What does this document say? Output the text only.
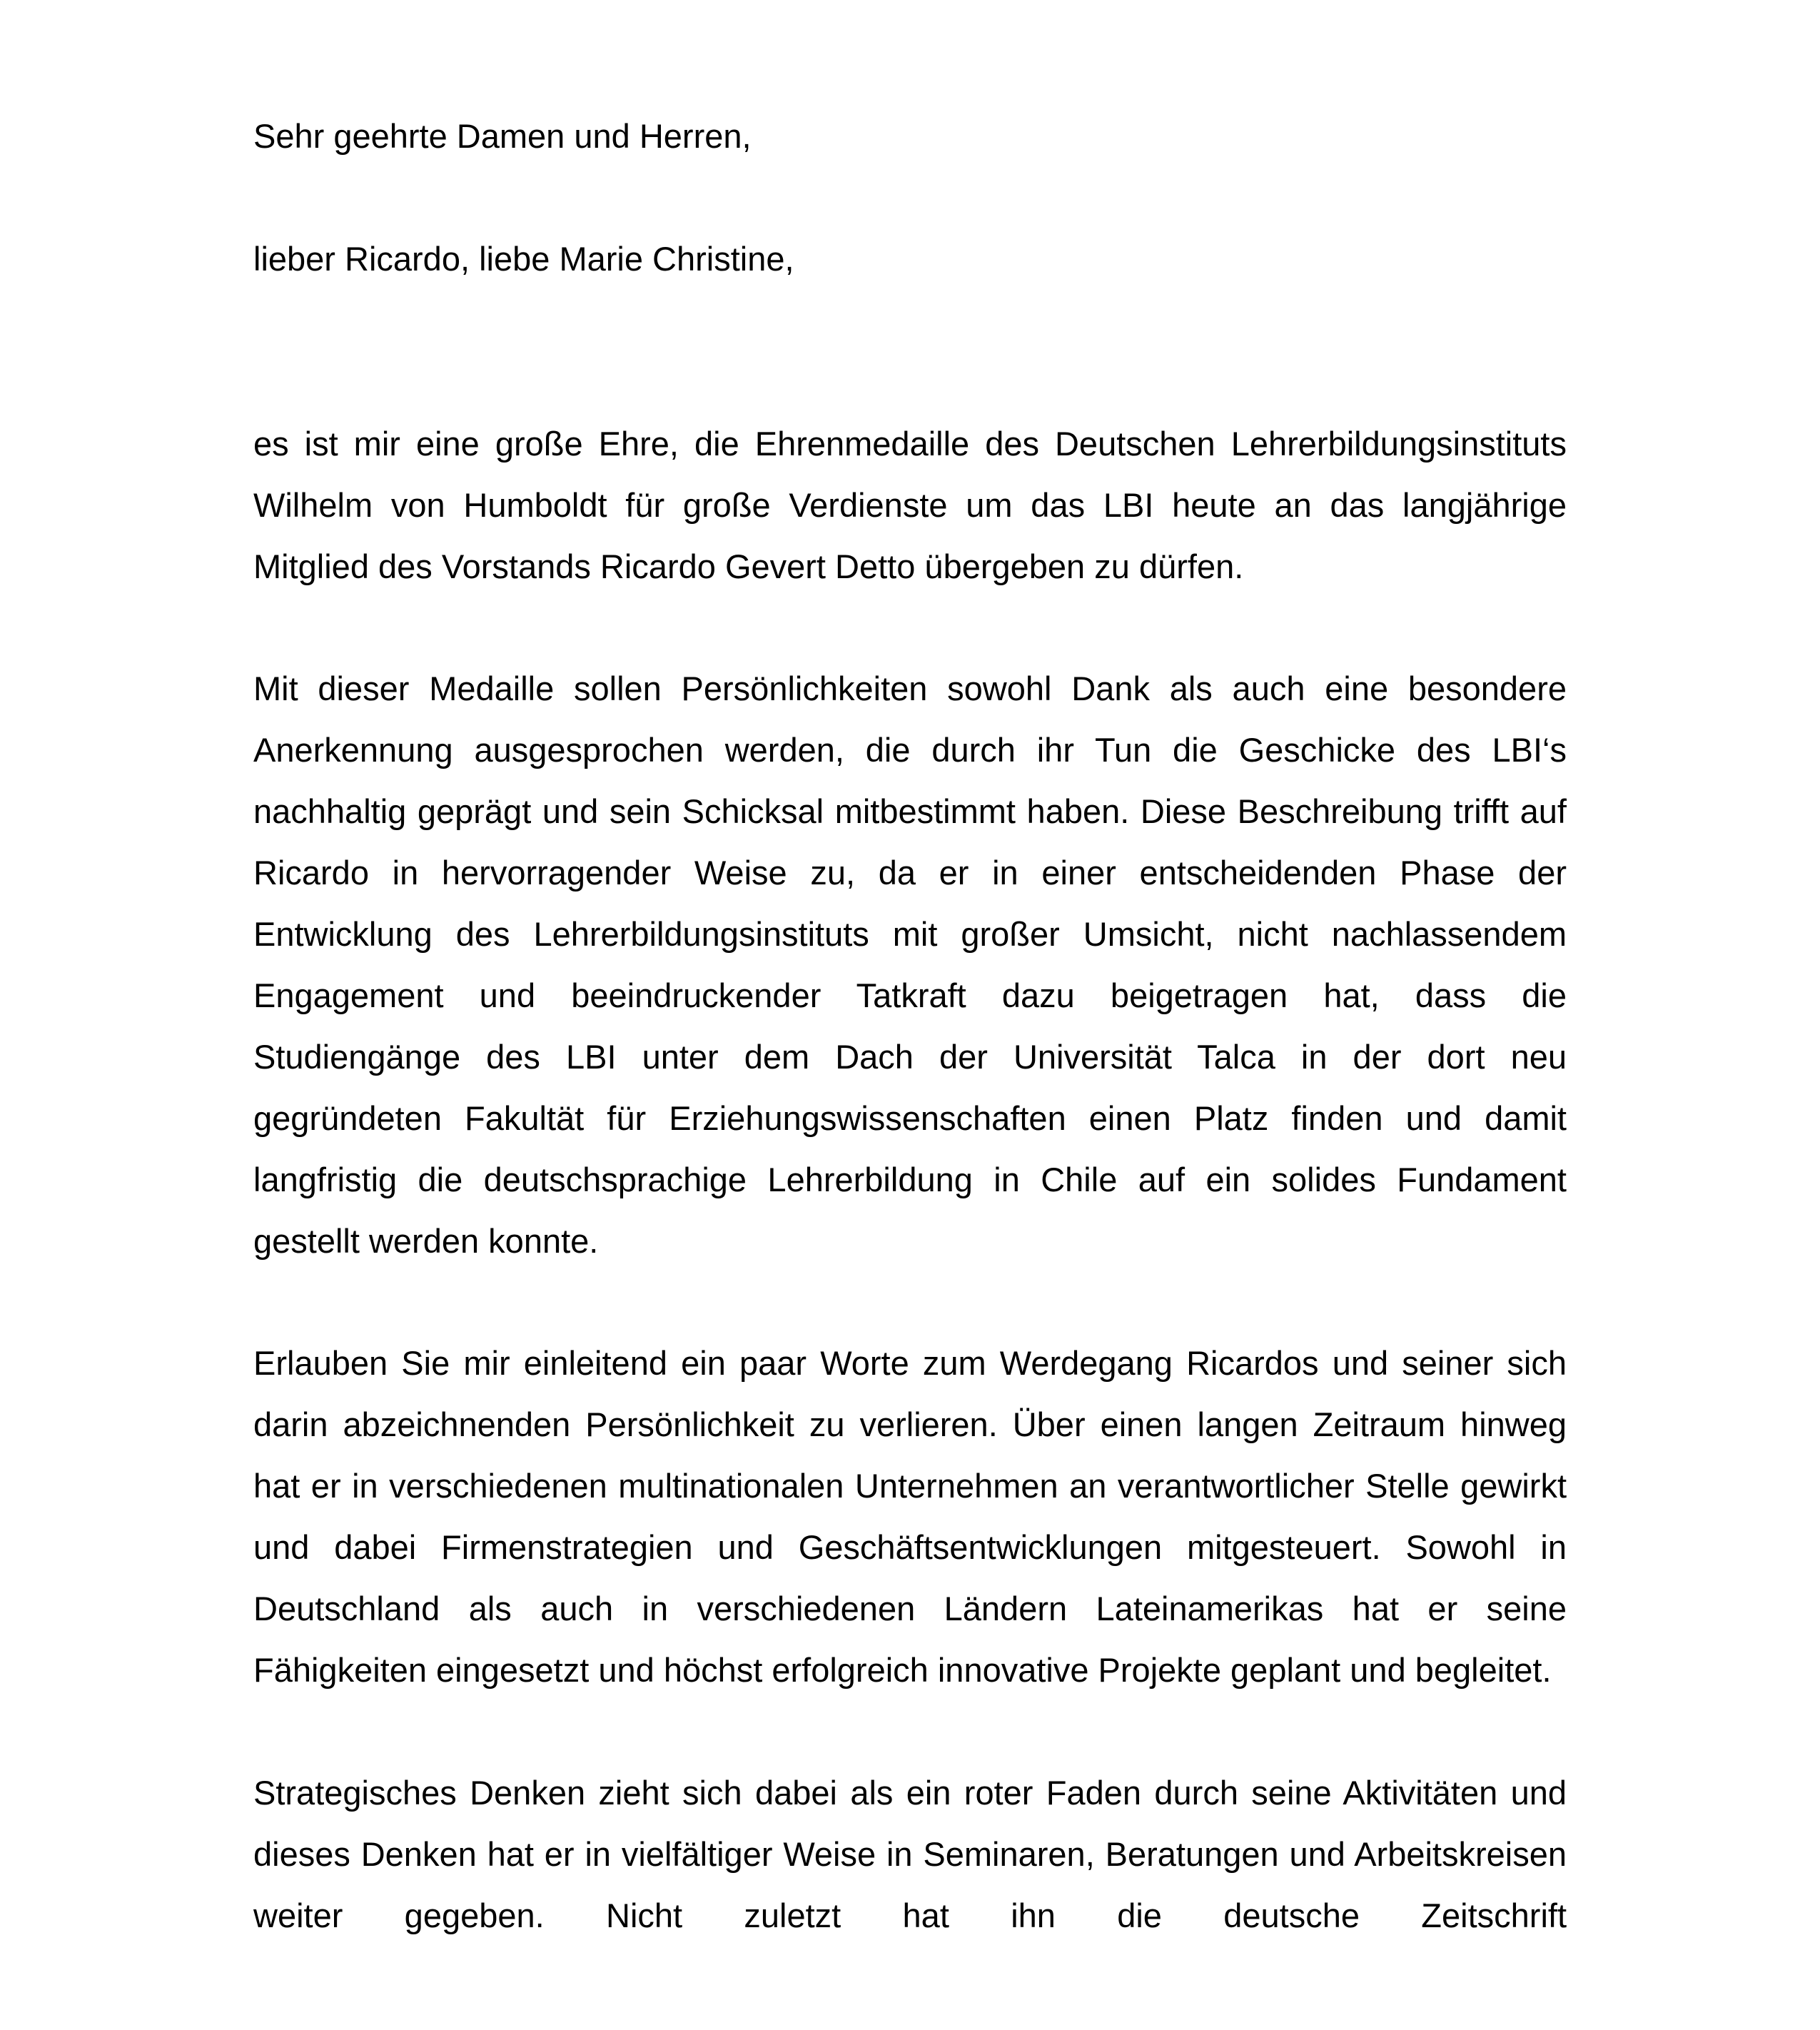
Sehr geehrte Damen und Herren,

lieber Ricardo, liebe Marie Christine,

es ist mir eine große Ehre, die Ehrenmedaille des Deutschen Lehrerbildungsinstituts Wilhelm von Humboldt für große Verdienste um das LBI heute an das langjährige Mitglied des Vorstands Ricardo Gevert Detto übergeben zu dürfen.

Mit dieser Medaille sollen Persönlichkeiten sowohl Dank als auch eine besondere Anerkennung ausgesprochen werden, die durch ihr Tun die Geschicke des LBI‘s nachhaltig geprägt und sein Schicksal mitbestimmt haben. Diese Beschreibung trifft auf Ricardo in hervorragender Weise zu, da er in einer entscheidenden Phase der Entwicklung des Lehrerbildungsinstituts mit großer Umsicht, nicht nachlassendem Engagement und beeindruckender Tatkraft dazu beigetragen hat, dass die Studiengänge des LBI unter dem Dach der Universität Talca in der dort neu gegründeten Fakultät für Erziehungswissenschaften einen Platz finden und damit langfristig die deutschsprachige Lehrerbildung in Chile auf ein solides Fundament gestellt werden konnte.

Erlauben Sie mir einleitend ein paar Worte zum Werdegang Ricardos und seiner sich darin abzeichnenden Persönlichkeit zu verlieren. Über einen langen Zeitraum hinweg hat er in verschiedenen multinationalen Unternehmen an verantwortlicher Stelle gewirkt und dabei Firmenstrategien und Geschäftsentwicklungen mitgesteuert. Sowohl in Deutschland als auch in verschiedenen Ländern Lateinamerikas hat er seine Fähigkeiten eingesetzt und höchst erfolgreich innovative Projekte geplant und begleitet.

Strategisches Denken zieht sich dabei als ein roter Faden durch seine Aktivitäten und dieses Denken hat er in vielfältiger Weise in Seminaren, Beratungen und Arbeitskreisen weiter gegeben. Nicht zuletzt hat ihn die deutsche Zeitschrift
